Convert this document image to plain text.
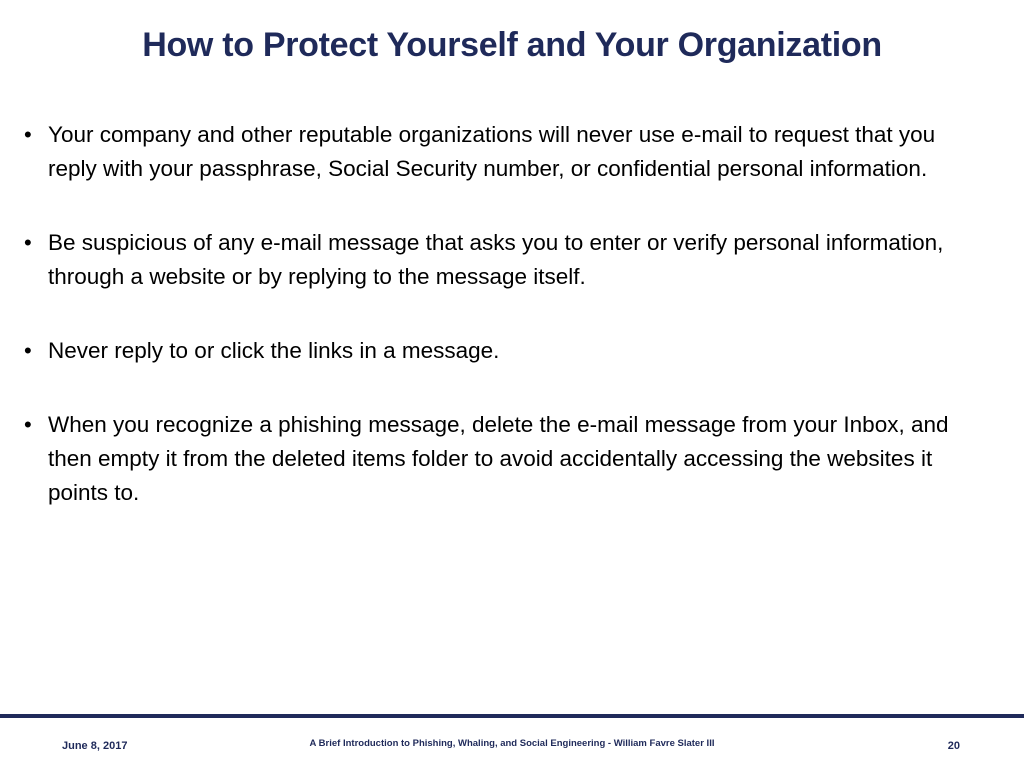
How to Protect Yourself and Your Organization
• Your company and other reputable organizations will never use e-mail to request that you reply with your passphrase, Social Security number, or confidential personal information.
• Be suspicious of any e-mail message that asks you to enter or verify personal information, through a website or by replying to the message itself.
• Never reply to or click the links in a message.
• When you recognize a phishing message, delete the e-mail message from your Inbox, and then empty it from the deleted items folder to avoid accidentally accessing the websites it points to.
June 8, 2017	A Brief Introduction to Phishing, Whaling, and Social Engineering - William Favre Slater III	20
